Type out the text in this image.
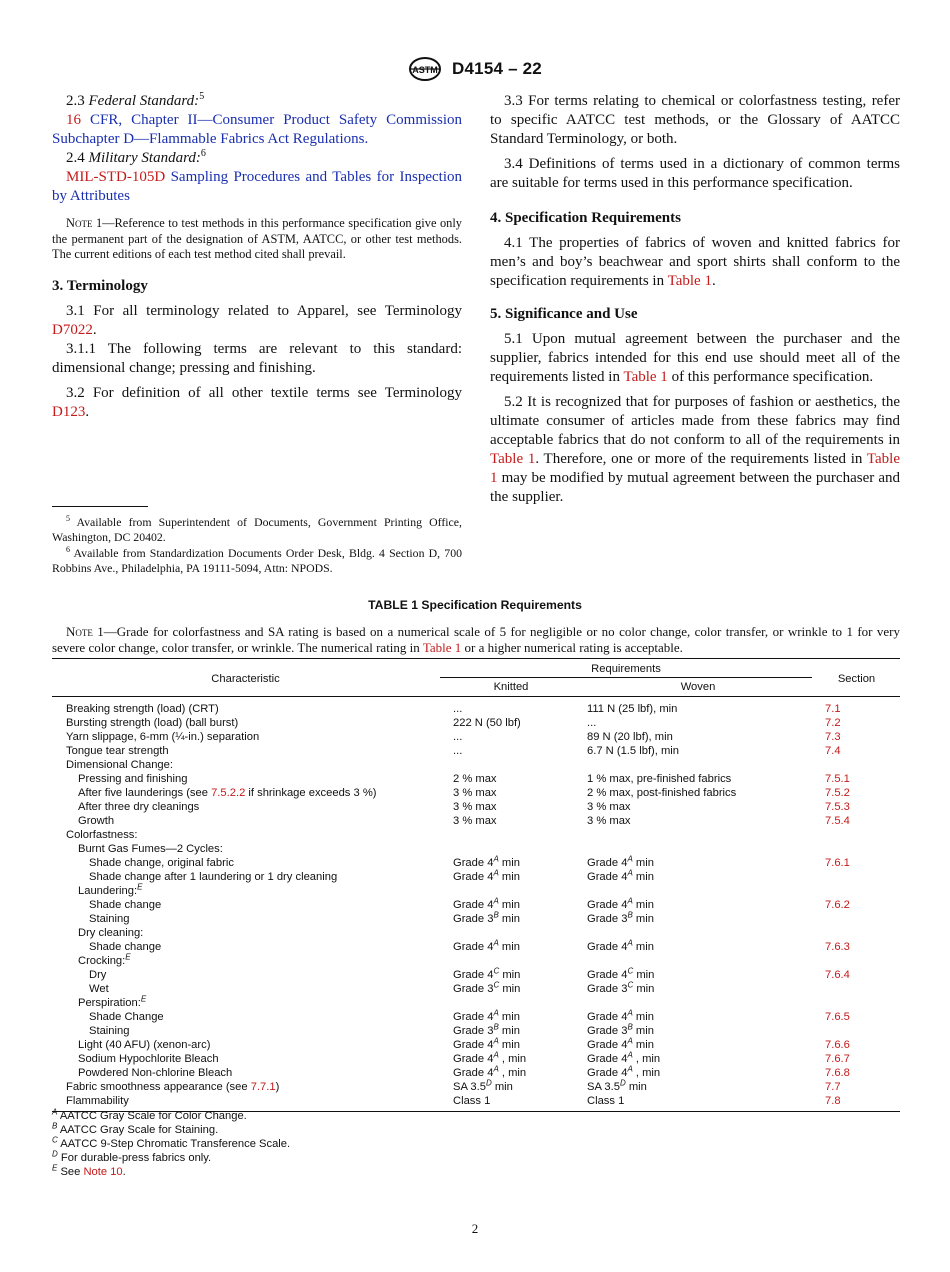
ASTM D4154 – 22

2.3 Federal Standard:$^5$

16 CFR, Chapter II—Consumer Product Safety Commission Subchapter D—Flammable Fabrics Act Regulations.

2.4 Military Standard:$^6$

MIL-STD-105D Sampling Procedures and Tables for Inspection by Attributes

Note 1—Reference to test methods in this performance specification give only the permanent part of the designation of ASTM, AATCC, or other test methods. The current editions of each test method cited shall prevail.

3. Terminology

3.1 For all terminology related to Apparel, see Terminology D7022.

3.1.1 The following terms are relevant to this standard: dimensional change; pressing and finishing.

3.2 For definition of all other textile terms see Terminology D123.

$^5$ Available from Superintendent of Documents, Government Printing Office, Washington, DC 20402.

$^6$ Available from Standardization Documents Order Desk, Bldg. 4 Section D, 700 Robbins Ave., Philadelphia, PA 19111-5094, Attn: NPODS.

3.3 For terms relating to chemical or colorfastness testing, refer to specific AATCC test methods, or the Glossary of AATCC Standard Terminology, or both.

3.4 Definitions of terms used in a dictionary of common terms are suitable for terms used in this performance specification.

4. Specification Requirements

4.1 The properties of fabrics of woven and knitted fabrics for men’s and boy’s beachwear and sport shirts shall conform to the specification requirements in Table 1.

5. Significance and Use

5.1 Upon mutual agreement between the purchaser and the supplier, fabrics intended for this end use should meet all of the requirements listed in Table 1 of this performance specification.

5.2 It is recognized that for purposes of fashion or aesthetics, the ultimate consumer of articles made from these fabrics may find acceptable fabrics that do not conform to all of the requirements in Table 1. Therefore, one or more of the requirements listed in Table 1 may be modified by mutual agreement between the purchaser and the supplier.

TABLE 1 Specification Requirements
Note 1—Grade for colorfastness and SA rating is based on a numerical scale of 5 for negligible or no color change, color transfer, or wrinkle to 1 for very severe color change, color transfer, or wrinkle. The numerical rating in Table 1 or a higher numerical rating is acceptable.
Characteristic	Requirements		Section
	Knitted	Woven	
Breaking strength (load) (CRT)	...	111 N (25 lbf), min	7.1
Bursting strength (load) (ball burst)	222 N (50 lbf)	...	7.2
Yarn slippage, 6-mm (¼-in.) separation	...	89 N (20 lbf), min	7.3
Tongue tear strength	...	6.7 N (1.5 lbf), min	7.4
Dimensional Change:			
Pressing and finishing	2 % max	1 % max, pre-finished fabrics	7.5.1
After five launderings (see 7.5.2.2 if shrinkage exceeds 3 %)	3 % max	2 % max, post-finished fabrics	7.5.2
After three dry cleanings	3 % max	3 % max	7.5.3
Growth	3 % max	3 % max	7.5.4
Colorfastness:			
Burnt Gas Fumes—2 Cycles:			
Shade change, original fabric	Grade $4^A$ min	Grade $4^A$ min	7.6.1
Shade change after 1 laundering or 1 dry cleaning	Grade $4^A$ min	Grade $4^A$ min	
Laundering:$^E$			
Shade change	Grade $4^A$ min	Grade $4^A$ min	7.6.2
Staining	Grade $3^B$ min	Grade $3^B$ min	
Dry cleaning:			
Shade change	Grade $4^A$ min	Grade $4^A$ min	7.6.3
Crocking:$^E$			
Dry	Grade $4^C$ min	Grade $4^C$ min	7.6.4
Wet	Grade $3^C$ min	Grade $3^C$ min	
Perspiration:$^E$			
Shade Change	Grade $4^A$ min	Grade $4^A$ min	7.6.5
Staining	Grade $3^B$ min	Grade $3^B$ min	
Light (40 AFU) (xenon-arc)	Grade $4^A$ min	Grade $4^A$ min	7.6.6
Sodium Hypochlorite Bleach	Grade $4^A$ , min	Grade $4^A$ , min	7.6.7
Powdered Non-chlorine Bleach	Grade $4^A$ , min	Grade $4^A$ , min	7.6.8
Fabric smoothness appearance (see 7.7.1)	SA $3.5^D$ min	SA $3.5^D$ min	7.7
Flammability	Class 1	Class 1	7.8
$^A$ AATCC Gray Scale for Color Change.
$^B$ AATCC Gray Scale for Staining.
$^C$ AATCC 9-Step Chromatic Transference Scale.
$^D$ For durable-press fabrics only.
$^E$ See Note 10.
2
